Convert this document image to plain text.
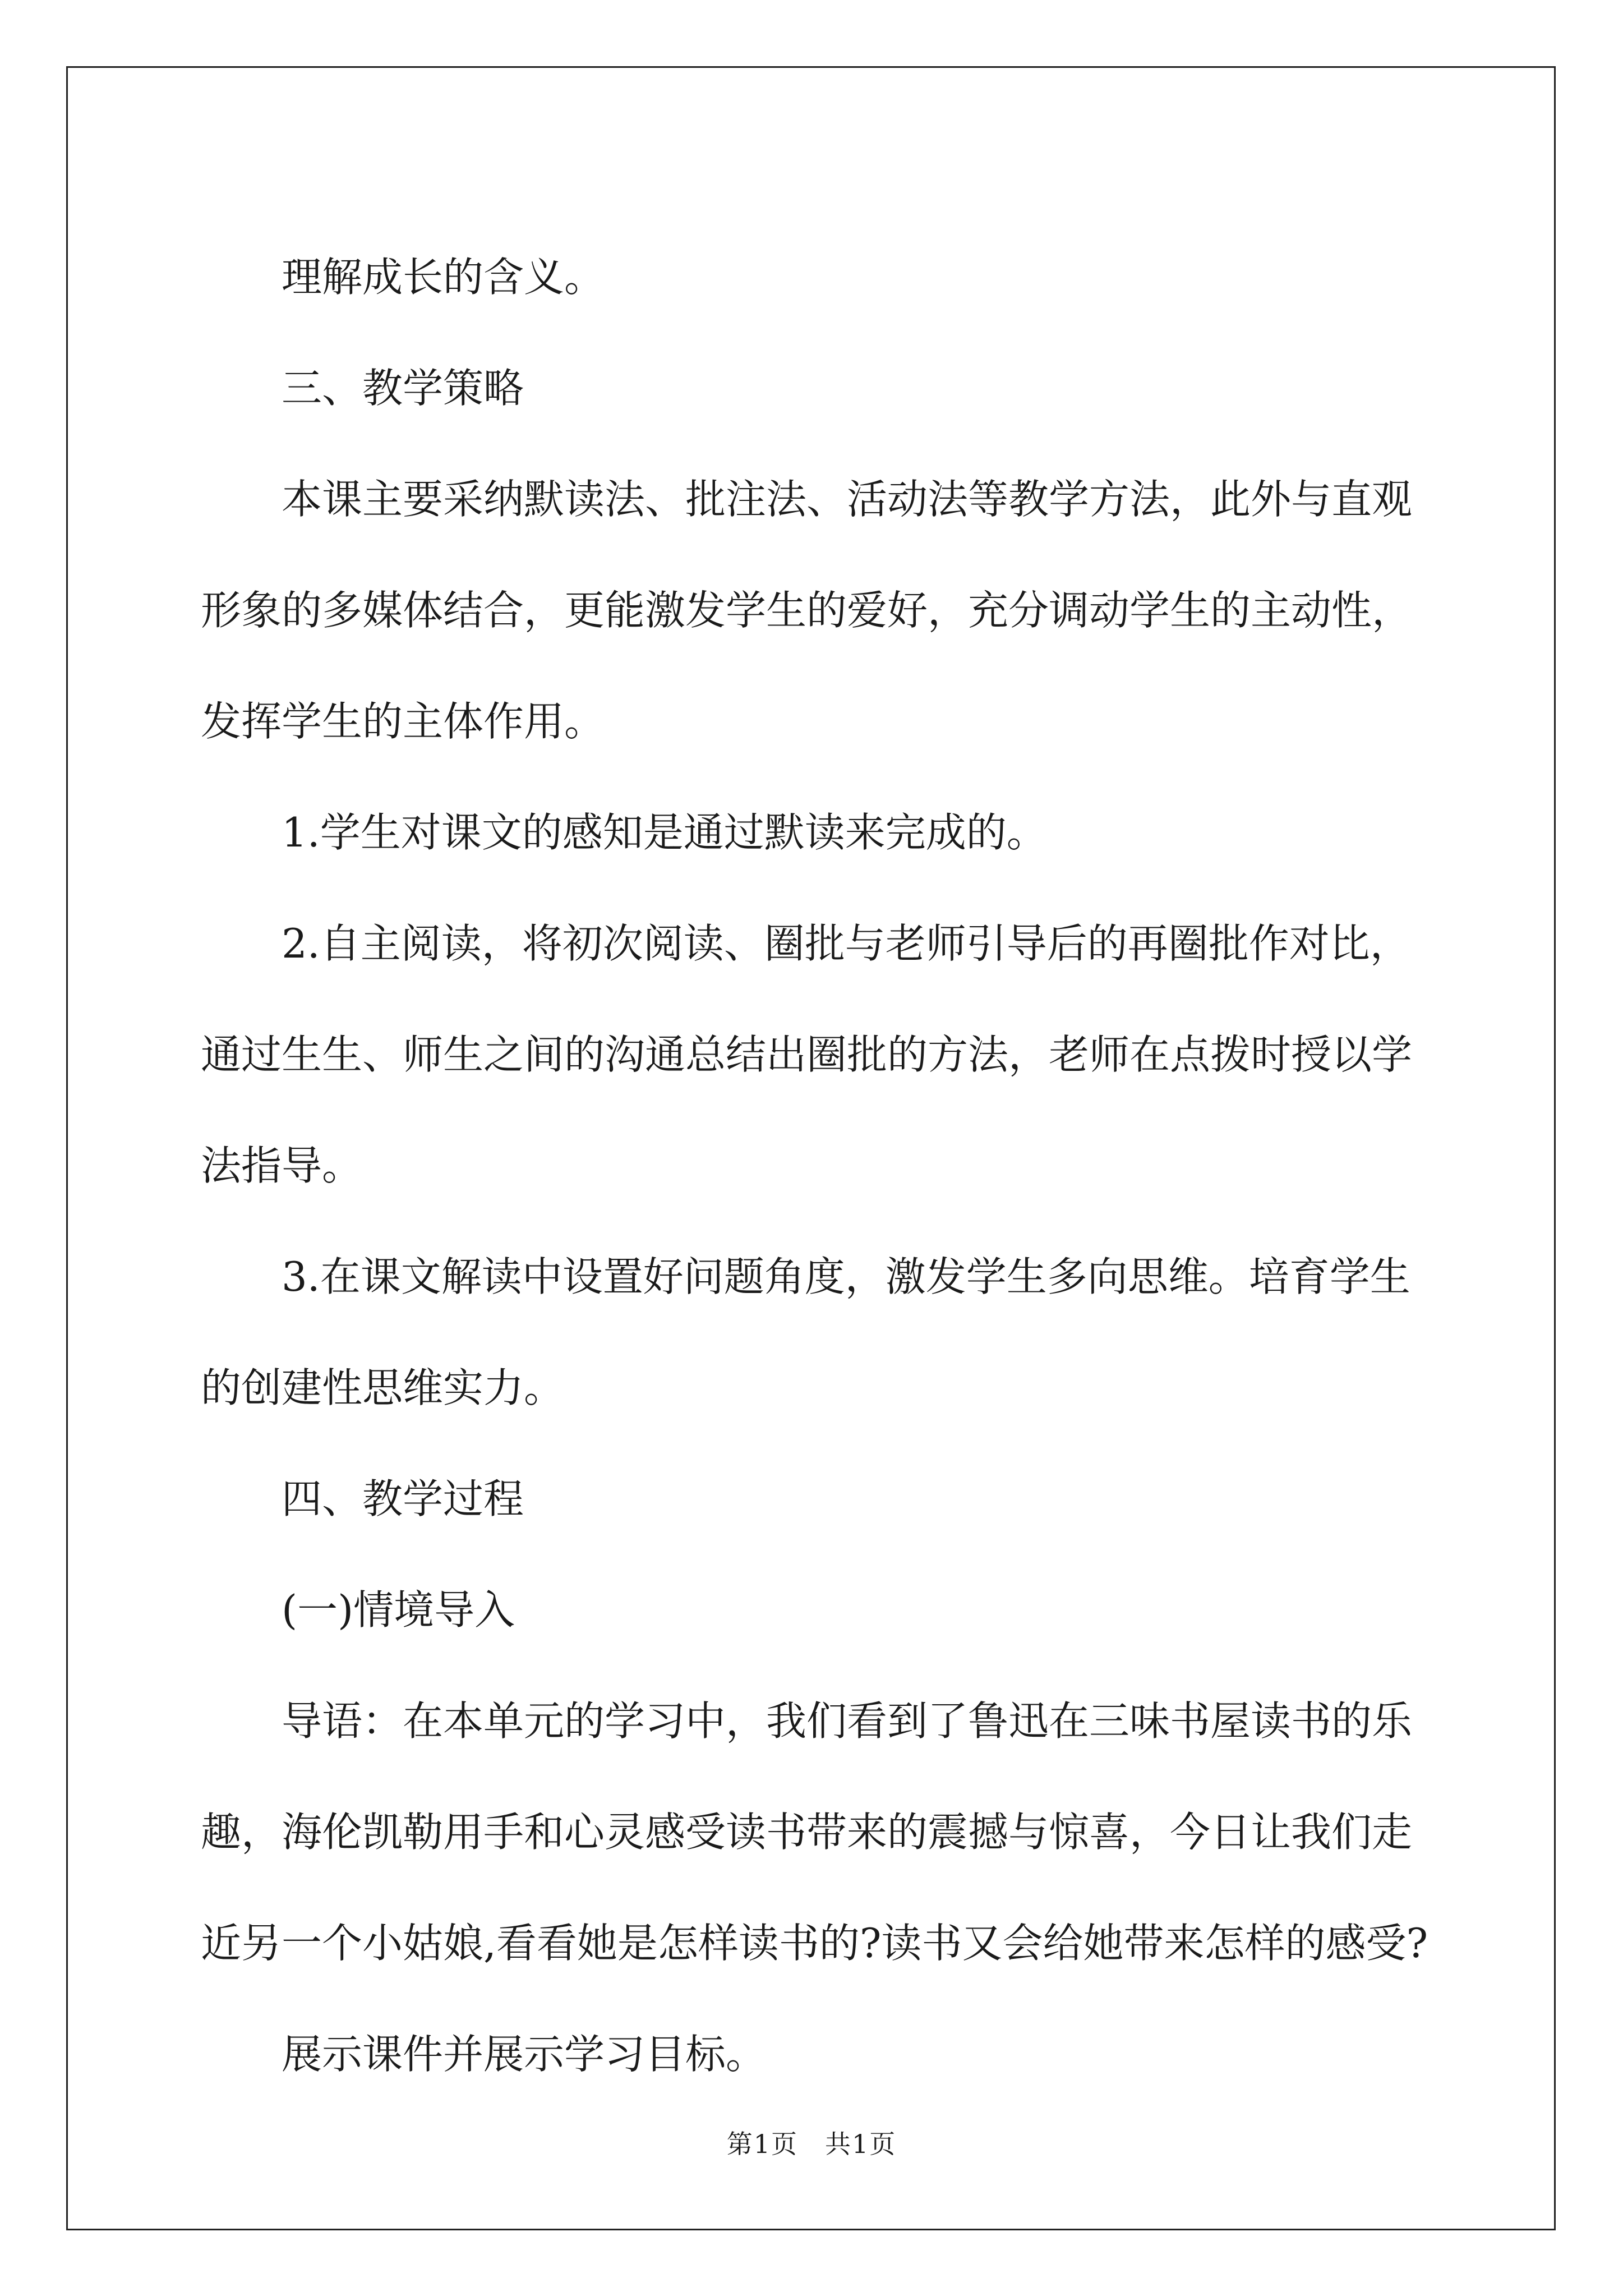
理解成长的含义。

三、教学策略

本课主要采纳默读法、批注法、活动法等教学方法，此外与直观
形象的多媒体结合，更能激发学生的爱好，充分调动学生的主动性，
发挥学生的主体作用。

1.学生对课文的感知是通过默读来完成的。

2.自主阅读，将初次阅读、圈批与老师引导后的再圈批作对比，
通过生生、师生之间的沟通总结出圈批的方法，老师在点拨时授以学
法指导。

3.在课文解读中设置好问题角度，激发学生多向思维。培育学生
的创建性思维实力。

四、教学过程

(一)情境导入

导语：在本单元的学习中，我们看到了鲁迅在三味书屋读书的乐
趣，海伦凯勒用手和心灵感受读书带来的震撼与惊喜，今日让我们走
近另一个小姑娘,看看她是怎样读书的?读书又会给她带来怎样的感受?

展示课件并展示学习目标。

第1页　共1页
